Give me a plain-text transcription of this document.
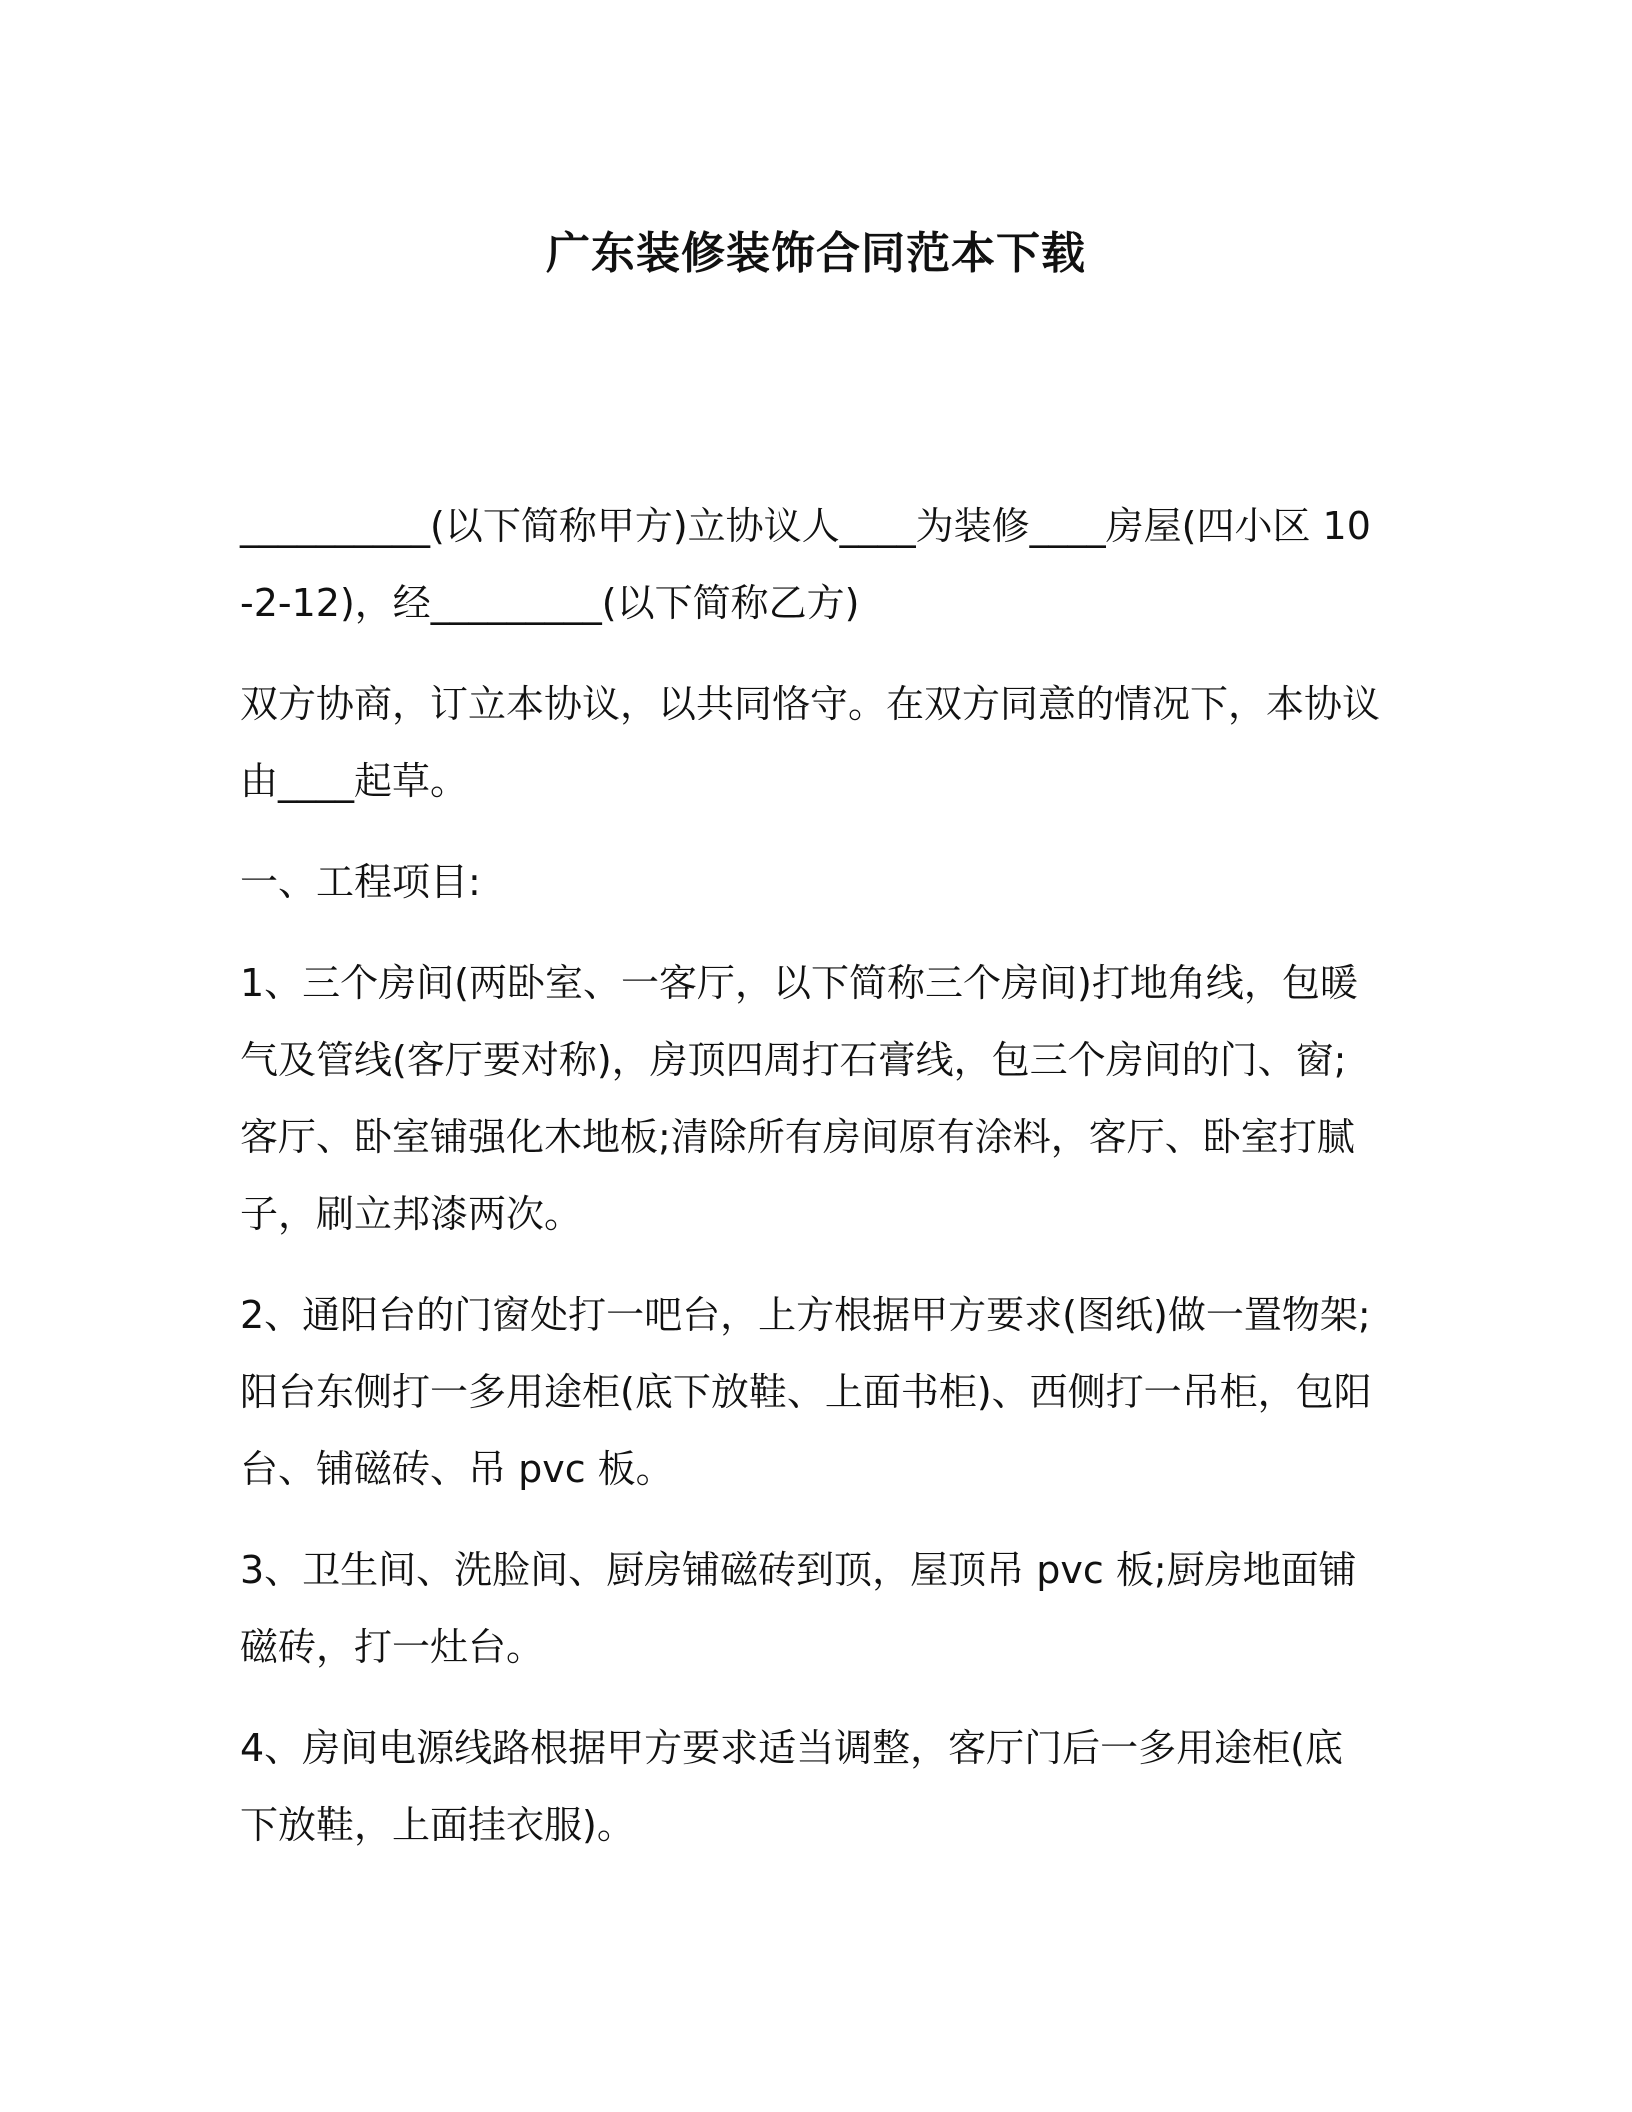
广东装修装饰合同范本下载

__________(以下简称甲方)立协议人____为装修____房屋(四小区 10-2-12)，经_________(以下简称乙方)

双方协商，订立本协议，以共同恪守。在双方同意的情况下，本协议由____起草。

一、工程项目:

1、三个房间(两卧室、一客厅，以下简称三个房间)打地角线，包暖气及管线(客厅要对称)，房顶四周打石膏线，包三个房间的门、窗;客厅、卧室铺强化木地板;清除所有房间原有涂料，客厅、卧室打腻子，刷立邦漆两次。

2、通阳台的门窗处打一吧台，上方根据甲方要求(图纸)做一置物架;阳台东侧打一多用途柜(底下放鞋、上面书柜)、西侧打一吊柜，包阳台、铺磁砖、吊 pvc 板。

3、卫生间、洗脸间、厨房铺磁砖到顶，屋顶吊 pvc 板;厨房地面铺磁砖，打一灶台。

4、房间电源线路根据甲方要求适当调整，客厅门后一多用途柜(底下放鞋，上面挂衣服)。
